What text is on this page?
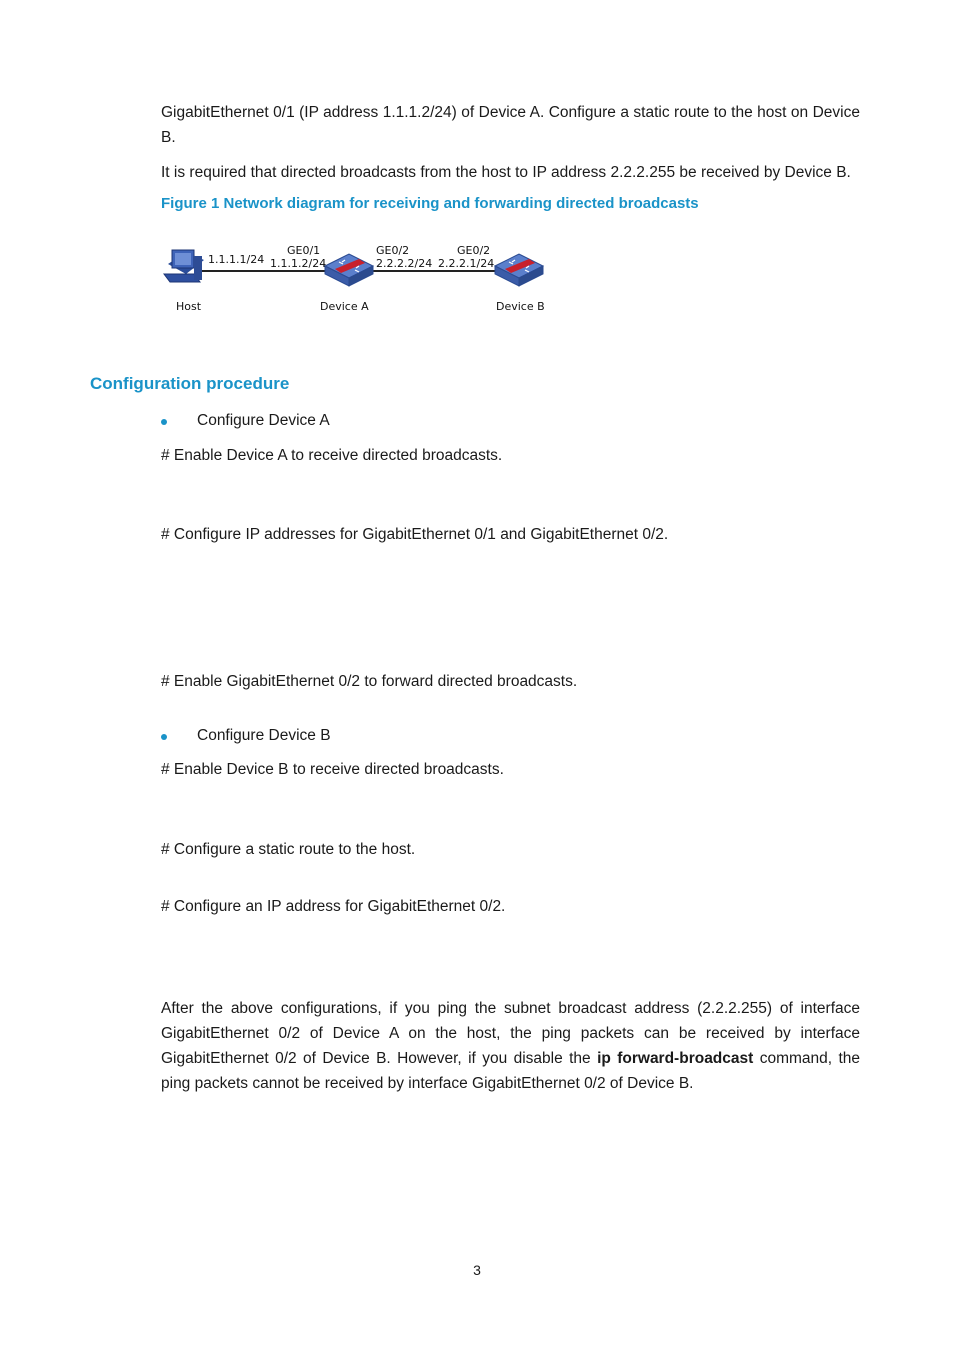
GigabitEthernet 0/1 (IP address 1.1.1.2/24) of Device A. Configure a static route to the host on Device B.
It is required that directed broadcasts from the host to IP address 2.2.2.255 be received by Device B.
Figure 1 Network diagram for receiving and forwarding directed broadcasts
1.1.1.1/24
GE0/1
1.1.1.2/24
GE0/2
2.2.2.2/24
GE0/2
2.2.2.1/24
Host	Device A	Device B
Configuration procedure
Configure Device A
# Enable Device A to receive directed broadcasts.
# Configure IP addresses for GigabitEthernet 0/1 and GigabitEthernet 0/2.
# Enable GigabitEthernet 0/2 to forward directed broadcasts.
Configure Device B
# Enable Device B to receive directed broadcasts.
# Configure a static route to the host.
# Configure an IP address for GigabitEthernet 0/2.
After the above configurations, if you ping the subnet broadcast address (2.2.2.255) of interface GigabitEthernet 0/2 of Device A on the host, the ping packets can be received by interface GigabitEthernet 0/2 of Device B. However, if you disable the ip forward-broadcast command, the ping packets cannot be received by interface GigabitEthernet 0/2 of Device B.
3
